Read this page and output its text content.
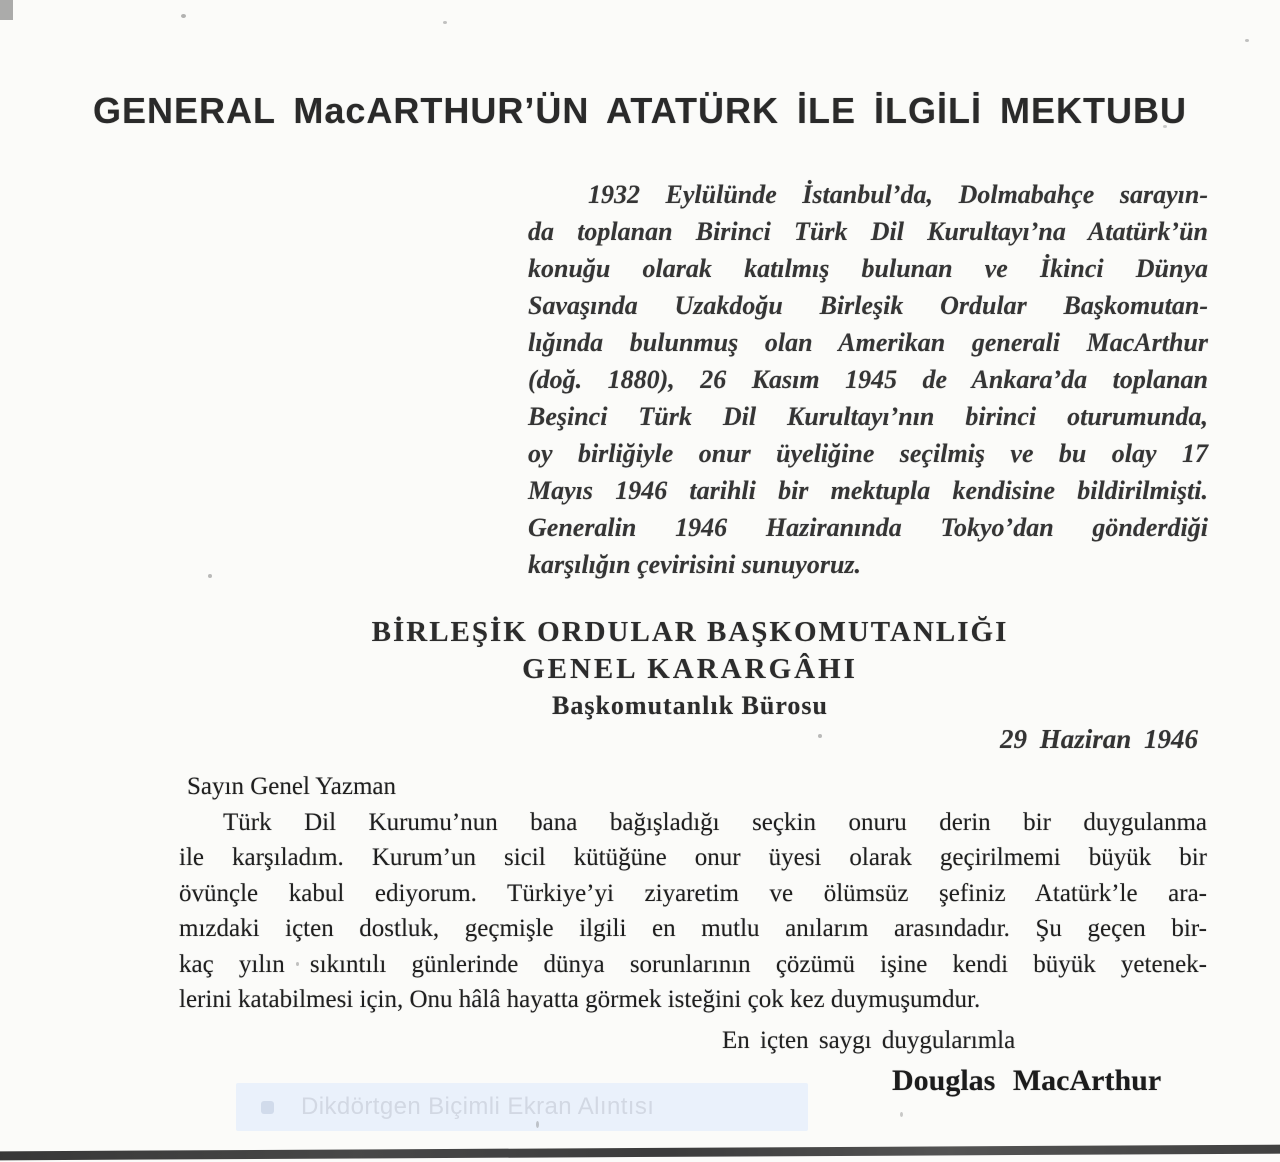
GENERAL MacARTHUR’ÜN ATATÜRK İLE İLGİLİ MEKTUBU
1932 Eylülünde İstanbul’da, Dolmabahçe sarayın-
da toplanan Birinci Türk Dil Kurultayı’na Atatürk’ün
konuğu olarak katılmış bulunan ve İkinci Dünya
Savaşında Uzakdoğu Birleşik Ordular Başkomutan-
lığında bulunmuş olan Amerikan generali MacArthur
(doğ. 1880), 26 Kasım 1945 de Ankara’da toplanan
Beşinci Türk Dil Kurultayı’nın birinci oturumunda,
oy birliğiyle onur üyeliğine seçilmiş ve bu olay 17
Mayıs 1946 tarihli bir mektupla kendisine bildirilmişti.
Generalin 1946 Haziranında Tokyo’dan gönderdiği
karşılığın çevirisini sunuyoruz.
BİRLEŞİK ORDULAR BAŞKOMUTANLIĞI
GENEL KARARGÂHI
Başkomutanlık Bürosu
29 Haziran 1946
Sayın Genel Yazman
Türk Dil Kurumu’nun bana bağışladığı seçkin onuru derin bir duygulanma
ile karşıladım. Kurum’un sicil kütüğüne onur üyesi olarak geçirilmemi büyük bir
övünçle kabul ediyorum. Türkiye’yi ziyaretim ve ölümsüz şefiniz Atatürk’le ara-
mızdaki içten dostluk, geçmişle ilgili en mutlu anılarım arasındadır. Şu geçen bir-
kaç yılın sıkıntılı günlerinde dünya sorunlarının çözümü işine kendi büyük yetenek-
lerini katabilmesi için, Onu hâlâ hayatta görmek isteğini çok kez duymuşumdur.
En içten saygı duygularımla
Douglas MacArthur
Dikdörtgen Biçimli Ekran Alıntısı
